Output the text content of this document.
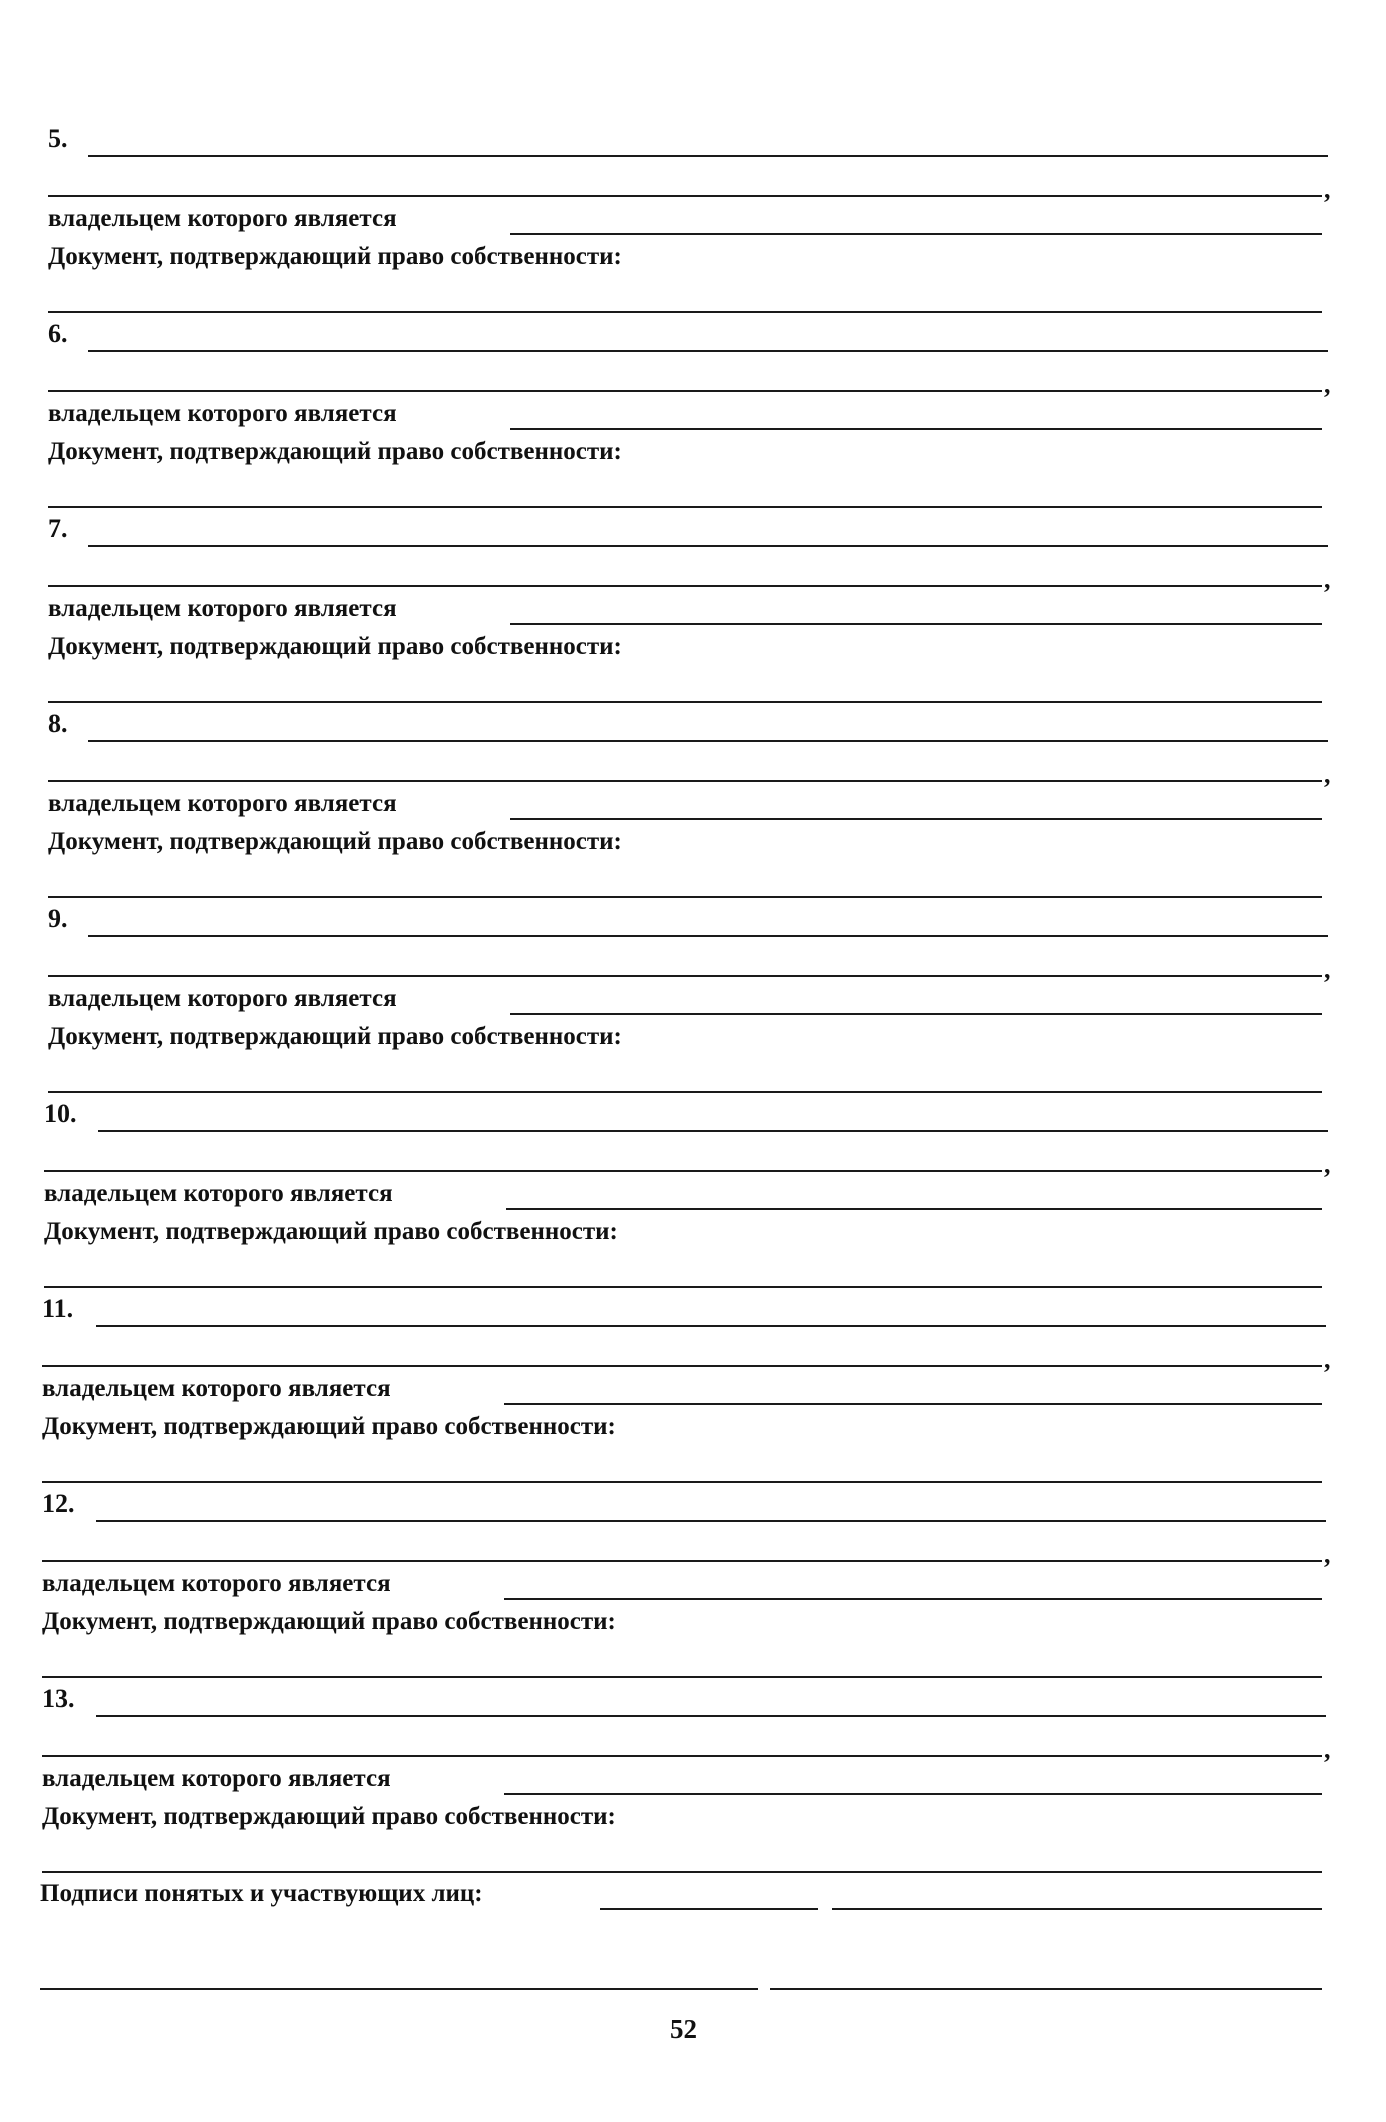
5.
,
владельцем которого является
Документ, подтверждающий право собственности:
6.
,
владельцем которого является
Документ, подтверждающий право собственности:
7.
,
владельцем которого является
Документ, подтверждающий право собственности:
8.
,
владельцем которого является
Документ, подтверждающий право собственности:
9.
,
владельцем которого является
Документ, подтверждающий право собственности:
10.
,
владельцем которого является
Документ, подтверждающий право собственности:
11.
,
владельцем которого является
Документ, подтверждающий право собственности:
12.
,
владельцем которого является
Документ, подтверждающий право собственности:
13.
,
владельцем которого является
Документ, подтверждающий право собственности:
Подписи понятых и участвующих лиц:
52
